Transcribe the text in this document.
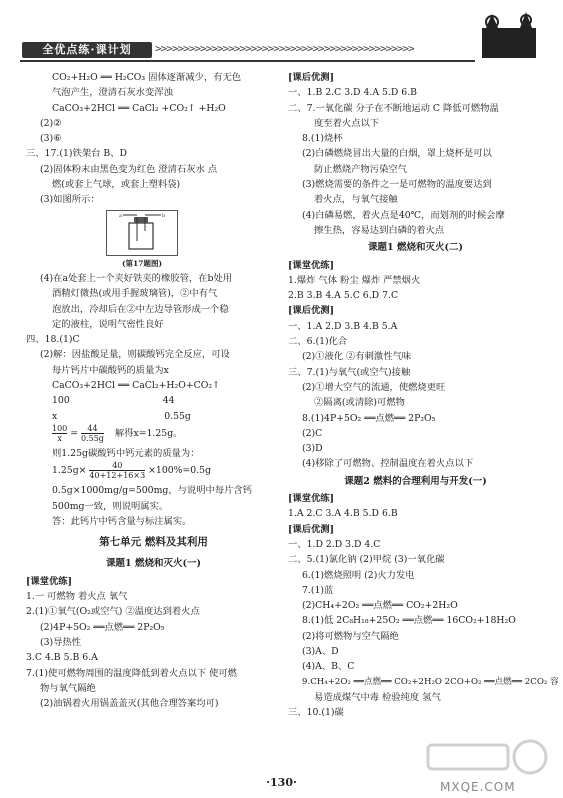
全优点练·课计划	>>>>>>>>>>>>>>>>>>>>>>>>>>>>>>>>>>>>>>>>>>>>>>
CO₂+H₂O ══ H₂CO₃ 固体逐渐减少，有无色
气泡产生，澄清石灰水变浑浊
CaCO₃+2HCl ══ CaCl₂ +CO₂↑ +H₂O
(2)②
(3)⑥
三、17.(1)铁架台 B、D
(2)固体粉末由黑色变为红色 澄清石灰水 点
燃(或套上气球，或套上塑料袋)
(3)如图所示：
a	b
(第17题图)
(4)在a处套上一个夹好铁夹的橡胶管，在b处用
酒精灯微热(或用手握玻璃管)，②中有气
泡放出，冷却后在②中左边导管形成一个稳
定的液柱，说明气密性良好
四、18.(1)C
(2)解：因盐酸足量，则碳酸钙完全反应，可设
每片钙片中碳酸钙的质量为x
CaCO₃+2HCl ══ CaCl₂+H₂O+CO₂↑
100	44
x	0.55g
$\frac{100}{x} = \frac{44}{0.55g}$ 解得x=1.25g。
则1.25g碳酸钙中钙元素的质量为：
$1.25g\times \frac{40}{40+12+16\times 3} \times 100\%=0.5g$
0.5g×1000mg/g=500mg，与说明中每片含钙
500mg一致，则说明属实。
答：此钙片中钙含量与标注属实。
第七单元 燃料及其利用
课题1 燃烧和灭火(一)
[课堂优练]
1.一 可燃物 着火点 氧气
2.(1)①氧气(O₂或空气) ②温度达到着火点
(2)4P+5O₂ ══点燃══ 2P₂O₅
(3)导热性
3.C 4.B 5.B 6.A
7.(1)使可燃物周围的温度降低到着火点以下 使可燃
物与氧气隔绝
(2)油锅着火用锅盖盖灭(其他合理答案均可)
[课后优测]
一、1.B 2.C 3.D 4.A 5.D 6.B
二、7.一氧化碳 分子在不断地运动 C 降低可燃物温
度至着火点以下
8.(1)烧杯
(2)白磷燃烧冒出大量的白烟，罩上烧杯是可以
防止燃烧产物污染空气
(3)燃烧需要的条件之一是可燃物的温度要达到
着火点，与氧气接触
(4)白磷易燃，着火点是40℃，而划剂的时候会摩
擦生热，容易达到白磷的着火点
课题1 燃烧和灭火(二)
[课堂优练]
1.爆炸 气体 粉尘 爆炸 严禁烟火
2.B 3.B 4.A 5.C 6.D 7.C
[课后优测]
一、1.A 2.D 3.B 4.B 5.A
二、6.(1)化合
(2)①液化 ②有刺激性气味
三、7.(1)与氧气(或空气)接触
(2)①增大空气的流通，使燃烧更旺
②隔离(或清除)可燃物
8.(1)4P+5O₂ ══点燃══ 2P₂O₅
(2)C
(3)D
(4)移除了可燃物、控制温度在着火点以下
课题2 燃料的合理利用与开发(一)
[课堂优练]
1.A 2.C 3.A 4.B 5.D 6.B
[课后优测]
一、1.D 2.D 3.D 4.C
二、5.(1)氯化钠 (2)甲烷 (3)一氧化碳
6.(1)燃烧照明 (2)火力发电
7.(1)蓝
(2)CH₄+2O₂ ══点燃══ CO₂+2H₂O
8.(1)低 2C₈H₁₈+25O₂ ══点燃══ 16CO₂+18H₂O
(2)将可燃物与空气隔绝
(3)A、D
(4)A、B、C
9.CH₄+2O₂ ══点燃══ CO₂+2H₂O 2CO+O₂ ══点燃══ 2CO₂ 容
易造成煤气中毒 检验纯度 氢气
三、10.(1)碳
MXQE.COM
·130·
